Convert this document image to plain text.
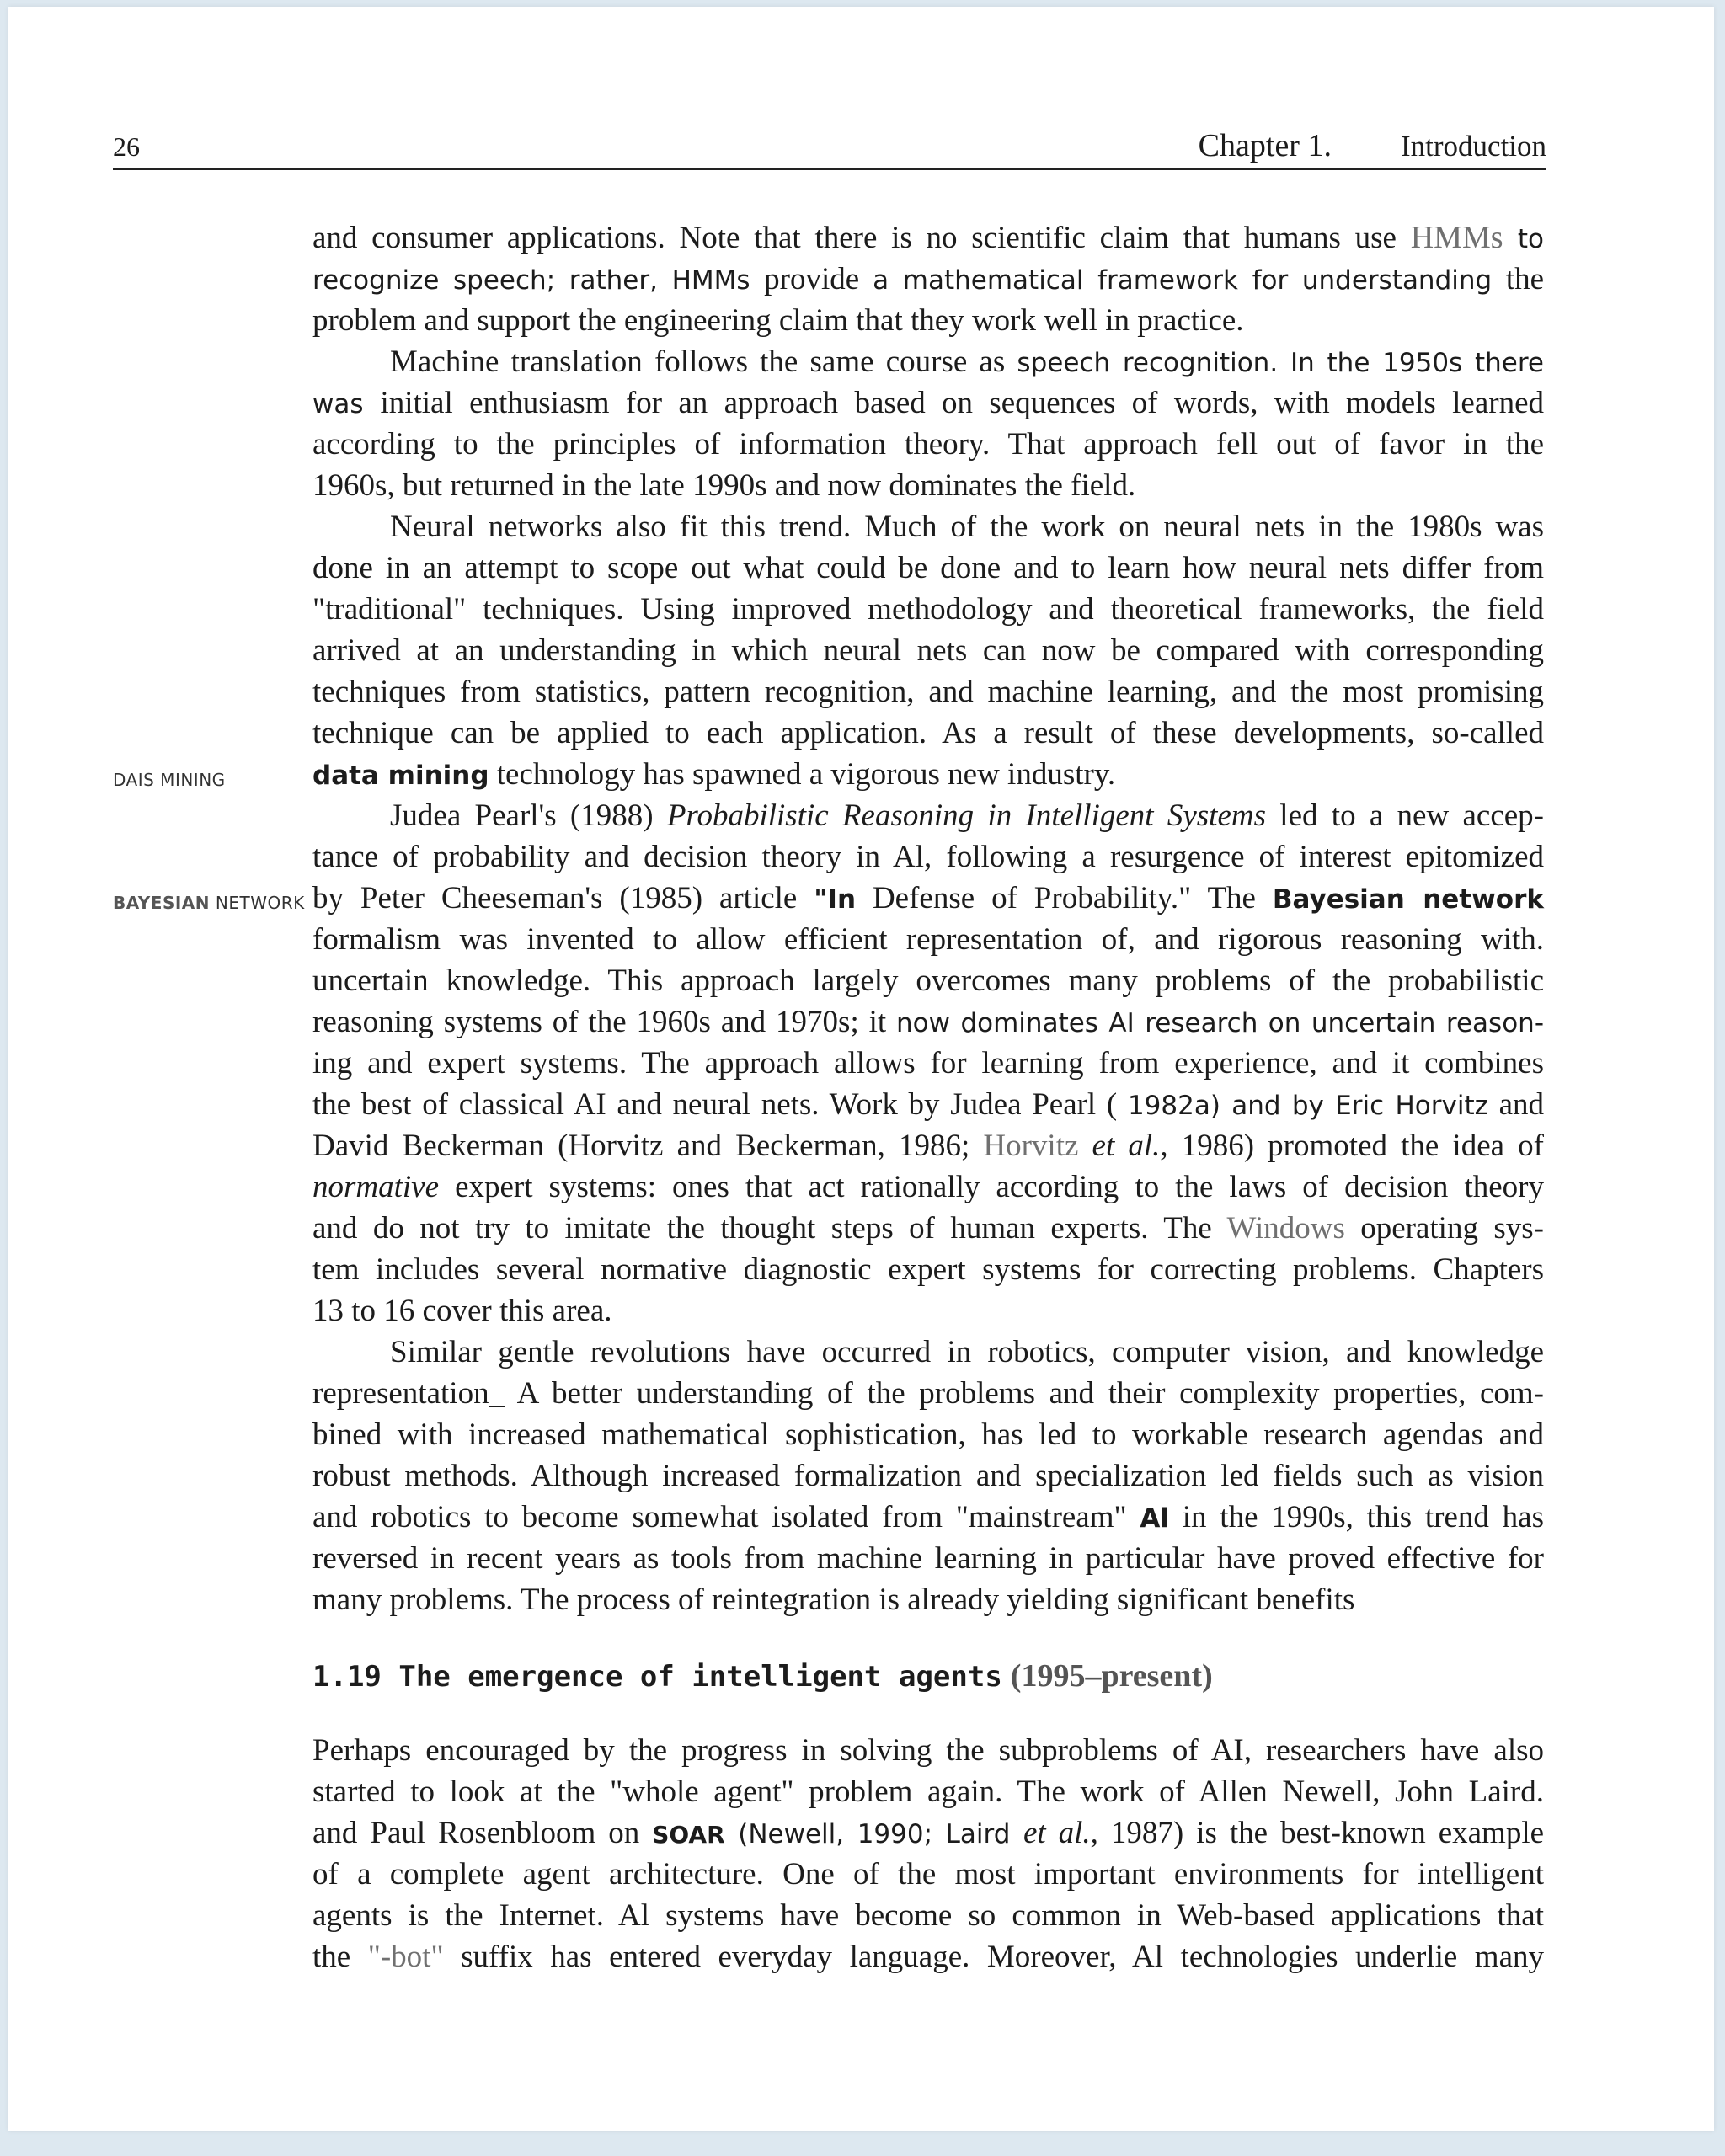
26	Chapter 1. Introduction
DAIS MINING
BAYESIAN NETWORK
and consumer applications. Note that there is no scientific claim that humans use HMMs to
recognize speech; rather, HMMs provide a mathematical framework for understanding the
problem and support the engineering claim that they work well in practice.
Machine translation follows the same course as speech recognition. In the 1950s there
was initial enthusiasm for an approach based on sequences of words, with models learned
according to the principles of information theory. That approach fell out of favor in the
1960s, but returned in the late 1990s and now dominates the field.
Neural networks also fit this trend. Much of the work on neural nets in the 1980s was
done in an attempt to scope out what could be done and to learn how neural nets differ from
"traditional" techniques. Using improved methodology and theoretical frameworks, the field
arrived at an understanding in which neural nets can now be compared with corresponding
techniques from statistics, pattern recognition, and machine learning, and the most promising
technique can be applied to each application. As a result of these developments, so-called
data mining technology has spawned a vigorous new industry.
Judea Pearl's (1988) Probabilistic Reasoning in Intelligent Systems led to a new accep-
tance of probability and decision theory in Al, following a resurgence of interest epitomized
by Peter Cheeseman's (1985) article "In Defense of Probability." The Bayesian network
formalism was invented to allow efficient representation of, and rigorous reasoning with.
uncertain knowledge. This approach largely overcomes many problems of the probabilistic
reasoning systems of the 1960s and 1970s; it now dominates AI research on uncertain reason-
ing and expert systems. The approach allows for learning from experience, and it combines
the best of classical AI and neural nets. Work by Judea Pearl ( 1982a) and by Eric Horvitz and
David Beckerman (Horvitz and Beckerman, 1986; Horvitz et al., 1986) promoted the idea of
normative expert systems: ones that act rationally according to the laws of decision theory
and do not try to imitate the thought steps of human experts. The Windows operating sys-
tem includes several normative diagnostic expert systems for correcting problems. Chapters
13 to 16 cover this area.
Similar gentle revolutions have occurred in robotics, computer vision, and knowledge
representation_ A better understanding of the problems and their complexity properties, com-
bined with increased mathematical sophistication, has led to workable research agendas and
robust methods. Although increased formalization and specialization led fields such as vision
and robotics to become somewhat isolated from "mainstream" Al in the 1990s, this trend has
reversed in recent years as tools from machine learning in particular have proved effective for
many problems. The process of reintegration is already yielding significant benefits
1.19 The emergence of intelligent agents (1995–present)
Perhaps encouraged by the progress in solving the subproblems of AI, researchers have also
started to look at the "whole agent" problem again. The work of Allen Newell, John Laird.
and Paul Rosenbloom on SOAR (Newell, 1990; Laird et al., 1987) is the best-known example
of a complete agent architecture. One of the most important environments for intelligent
agents is the Internet. Al systems have become so common in Web-based applications that
the "-bot" suffix has entered everyday language. Moreover, Al technologies underlie many
